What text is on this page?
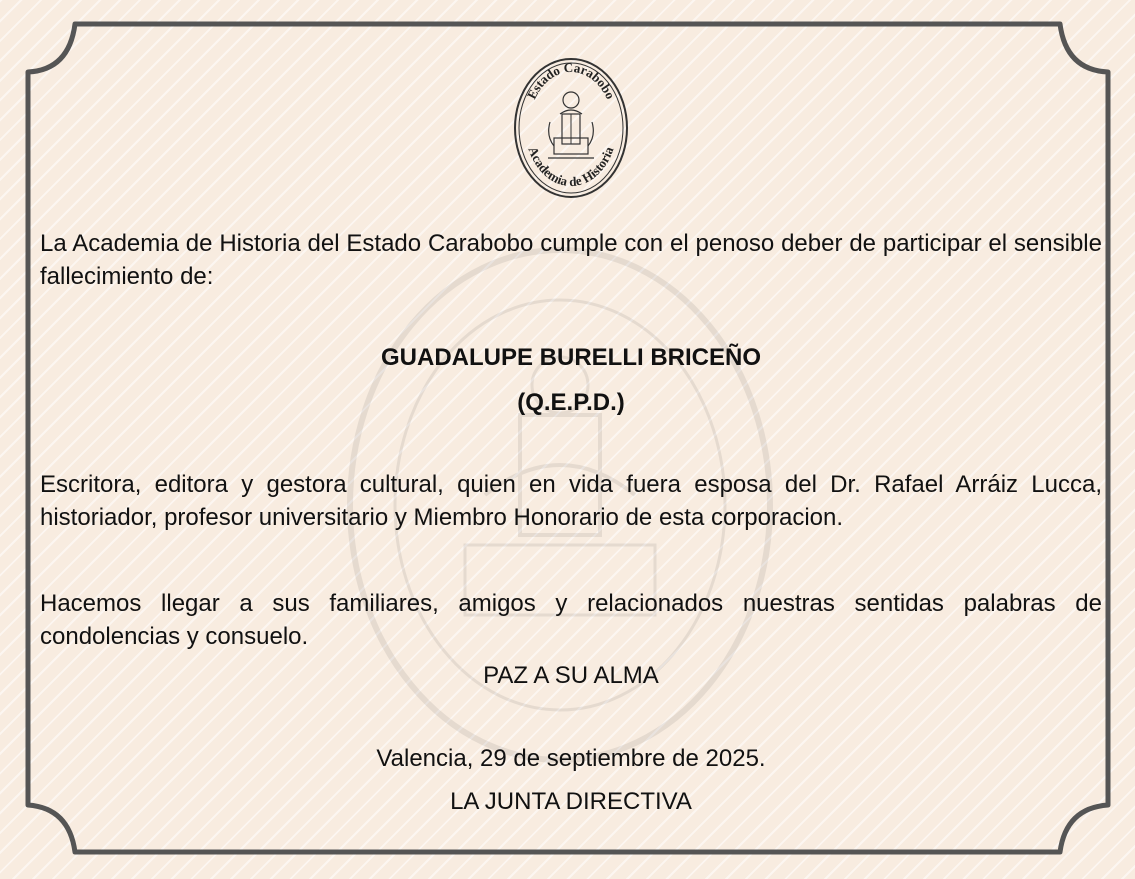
Estado Carabobo
Academia de Historia
La Academia de Historia del Estado Carabobo cumple con el penoso deber de participar el sensible fallecimiento de:
GUADALUPE BURELLI BRICEÑO
(Q.E.P.D.)
Escritora, editora y gestora cultural, quien en vida fuera esposa del Dr. Rafael Arráiz Lucca, historiador, profesor universitario y Miembro Honorario de esta corporacion.
Hacemos llegar a sus familiares, amigos y relacionados nuestras sentidas palabras de condolencias y consuelo.
PAZ A SU ALMA
Valencia, 29 de septiembre de 2025.
LA JUNTA DIRECTIVA
